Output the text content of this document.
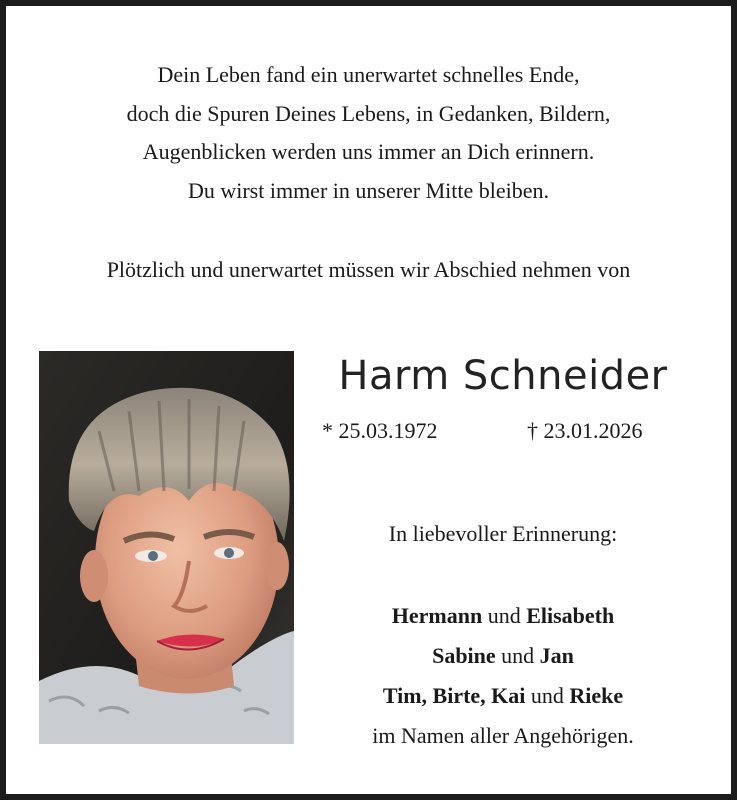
Dein Leben fand ein unerwartet schnelles Ende,
doch die Spuren Deines Lebens, in Gedanken, Bildern,
Augenblicken werden uns immer an Dich erinnern.
Du wirst immer in unserer Mitte bleiben.
Plötzlich und unerwartet müssen wir Abschied nehmen von
Harm Schneider
* 25.03.1972	† 23.01.2026
In liebevoller Erinnerung:
Hermann und Elisabeth
Sabine und Jan
Tim, Birte, Kai und Rieke
im Namen aller Angehörigen.
